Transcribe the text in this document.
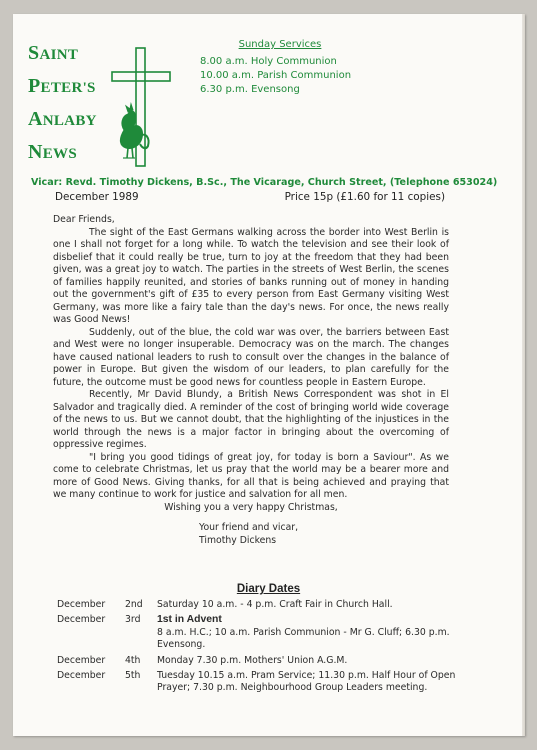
SAINT
PETER'S
ANLABY
NEWS
Sunday Services
8.00 a.m. Holy Communion
10.00 a.m. Parish Communion
6.30 p.m. Evensong
Vicar: Revd. Timothy Dickens, B.Sc., The Vicarage, Church Street, (Telephone 653024)
December 1989	Price 15p (£1.60 for 11 copies)

Dear Friends,

The sight of the East Germans walking across the border into West Berlin is one I shall not forget for a long while. To watch the television and see their look of disbelief that it could really be true, turn to joy at the freedom that they had been given, was a great joy to watch. The parties in the streets of West Berlin, the scenes of families happily reunited, and stories of banks running out of money in handing out the government's gift of £35 to every person from East Germany visiting West Germany, was more like a fairy tale than the day's news. For once, the news really was Good News!

Suddenly, out of the blue, the cold war was over, the barriers between East and West were no longer insuperable. Democracy was on the march. The changes have caused national leaders to rush to consult over the changes in the balance of power in Europe. But given the wisdom of our leaders, to plan carefully for the future, the outcome must be good news for countless people in Eastern Europe.

Recently, Mr David Blundy, a British News Correspondent was shot in El Salvador and tragically died. A reminder of the cost of bringing world wide coverage of the news to us. But we cannot doubt, that the highlighting of the injustices in the world through the news is a major factor in bringing about the overcoming of oppressive regimes.

"I bring you good tidings of great joy, for today is born a Saviour". As we come to celebrate Christmas, let us pray that the world may be a bearer more and more of Good News. Giving thanks, for all that is being achieved and praying that we many continue to work for justice and salvation for all men.

Wishing you a very happy Christmas,

Your friend and vicar,

Timothy Dickens

Diary Dates
December	2nd Saturday 10 a.m. - 4 p.m. Craft Fair in Church Hall.
December	3rd 1st in Advent
8 a.m. H.C.; 10 a.m. Parish Communion - Mr G. Cluff; 6.30 p.m. Evensong.
December	4th Monday 7.30 p.m. Mothers' Union A.G.M.
December	5th Tuesday 10.15 a.m. Pram Service; 11.30 p.m. Half Hour of Open Prayer; 7.30 p.m. Neighbourhood Group Leaders meeting.
